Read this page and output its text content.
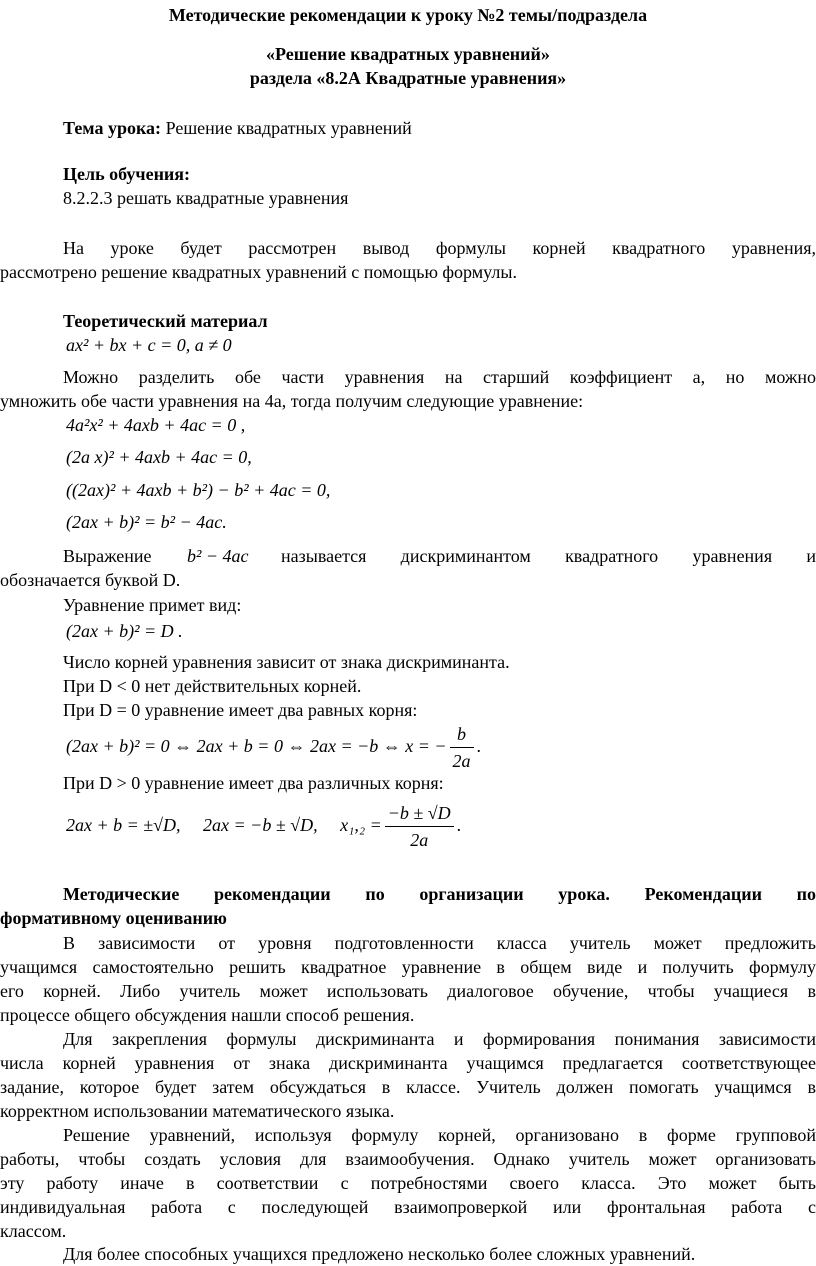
Методические рекомендации к уроку №2 темы/подраздела
«Решение квадратных уравнений»
раздела «8.2А Квадратные уравнения»
Тема урока: Решение квадратных уравнений
Цель обучения:
8.2.2.3 решать квадратные уравнения
На уроке будет рассмотрен вывод формулы корней квадратного уравнения,
рассмотрено решение квадратных уравнений с помощью формулы.
Теоретический материал
ax² + bx + c = 0, a ≠ 0
Можно разделить обе части уравнения на старший коэффициент a, но можно
умножить обе части уравнения на 4a, тогда получим следующие уравнение:
4a²x² + 4axb + 4ac = 0 ,
(2a x)² + 4axb + 4ac = 0,
((2ax)² + 4axb + b²) − b² + 4ac = 0,
(2ax + b)² = b² − 4ac.
Выражение b² − 4ac называется дискриминантом квадратного уравнения и
обозначается буквой D.
Уравнение примет вид:
(2ax + b)² = D .
Число корней уравнения зависит от знака дискриминанта.
При D < 0 нет действительных корней.
При D = 0 уравнение имеет два равных корня:
(2ax + b)² = 0 ⇔ 2ax + b = 0 ⇔ 2ax = −b ⇔ x = − $\frac{b}{2a}$ .
При D > 0 уравнение имеет два различных корня:
2ax + b = ±√D, 2ax = −b ± √D, $x_1,_2 = \frac{-b \pm √D}{2a}$ .
Методические рекомендации по организации урока. Рекомендации по
формативному оцениванию
В зависимости от уровня подготовленности класса учитель может предложить
учащимся самостоятельно решить квадратное уравнение в общем виде и получить формулу
его корней. Либо учитель может использовать диалоговое обучение, чтобы учащиеся в
процессе общего обсуждения нашли способ решения.
Для закрепления формулы дискриминанта и формирования понимания зависимости
числа корней уравнения от знака дискриминанта учащимся предлагается соответствующее
задание, которое будет затем обсуждаться в классе. Учитель должен помогать учащимся в
корректном использовании математического языка.
Решение уравнений, используя формулу корней, организовано в форме групповой
работы, чтобы создать условия для взаимообучения. Однако учитель может организовать
эту работу иначе в соответствии с потребностями своего класса. Это может быть
индивидуальная работа с последующей взаимопроверкой или фронтальная работа с
классом.
Для более способных учащихся предложено несколько более сложных уравнений.
